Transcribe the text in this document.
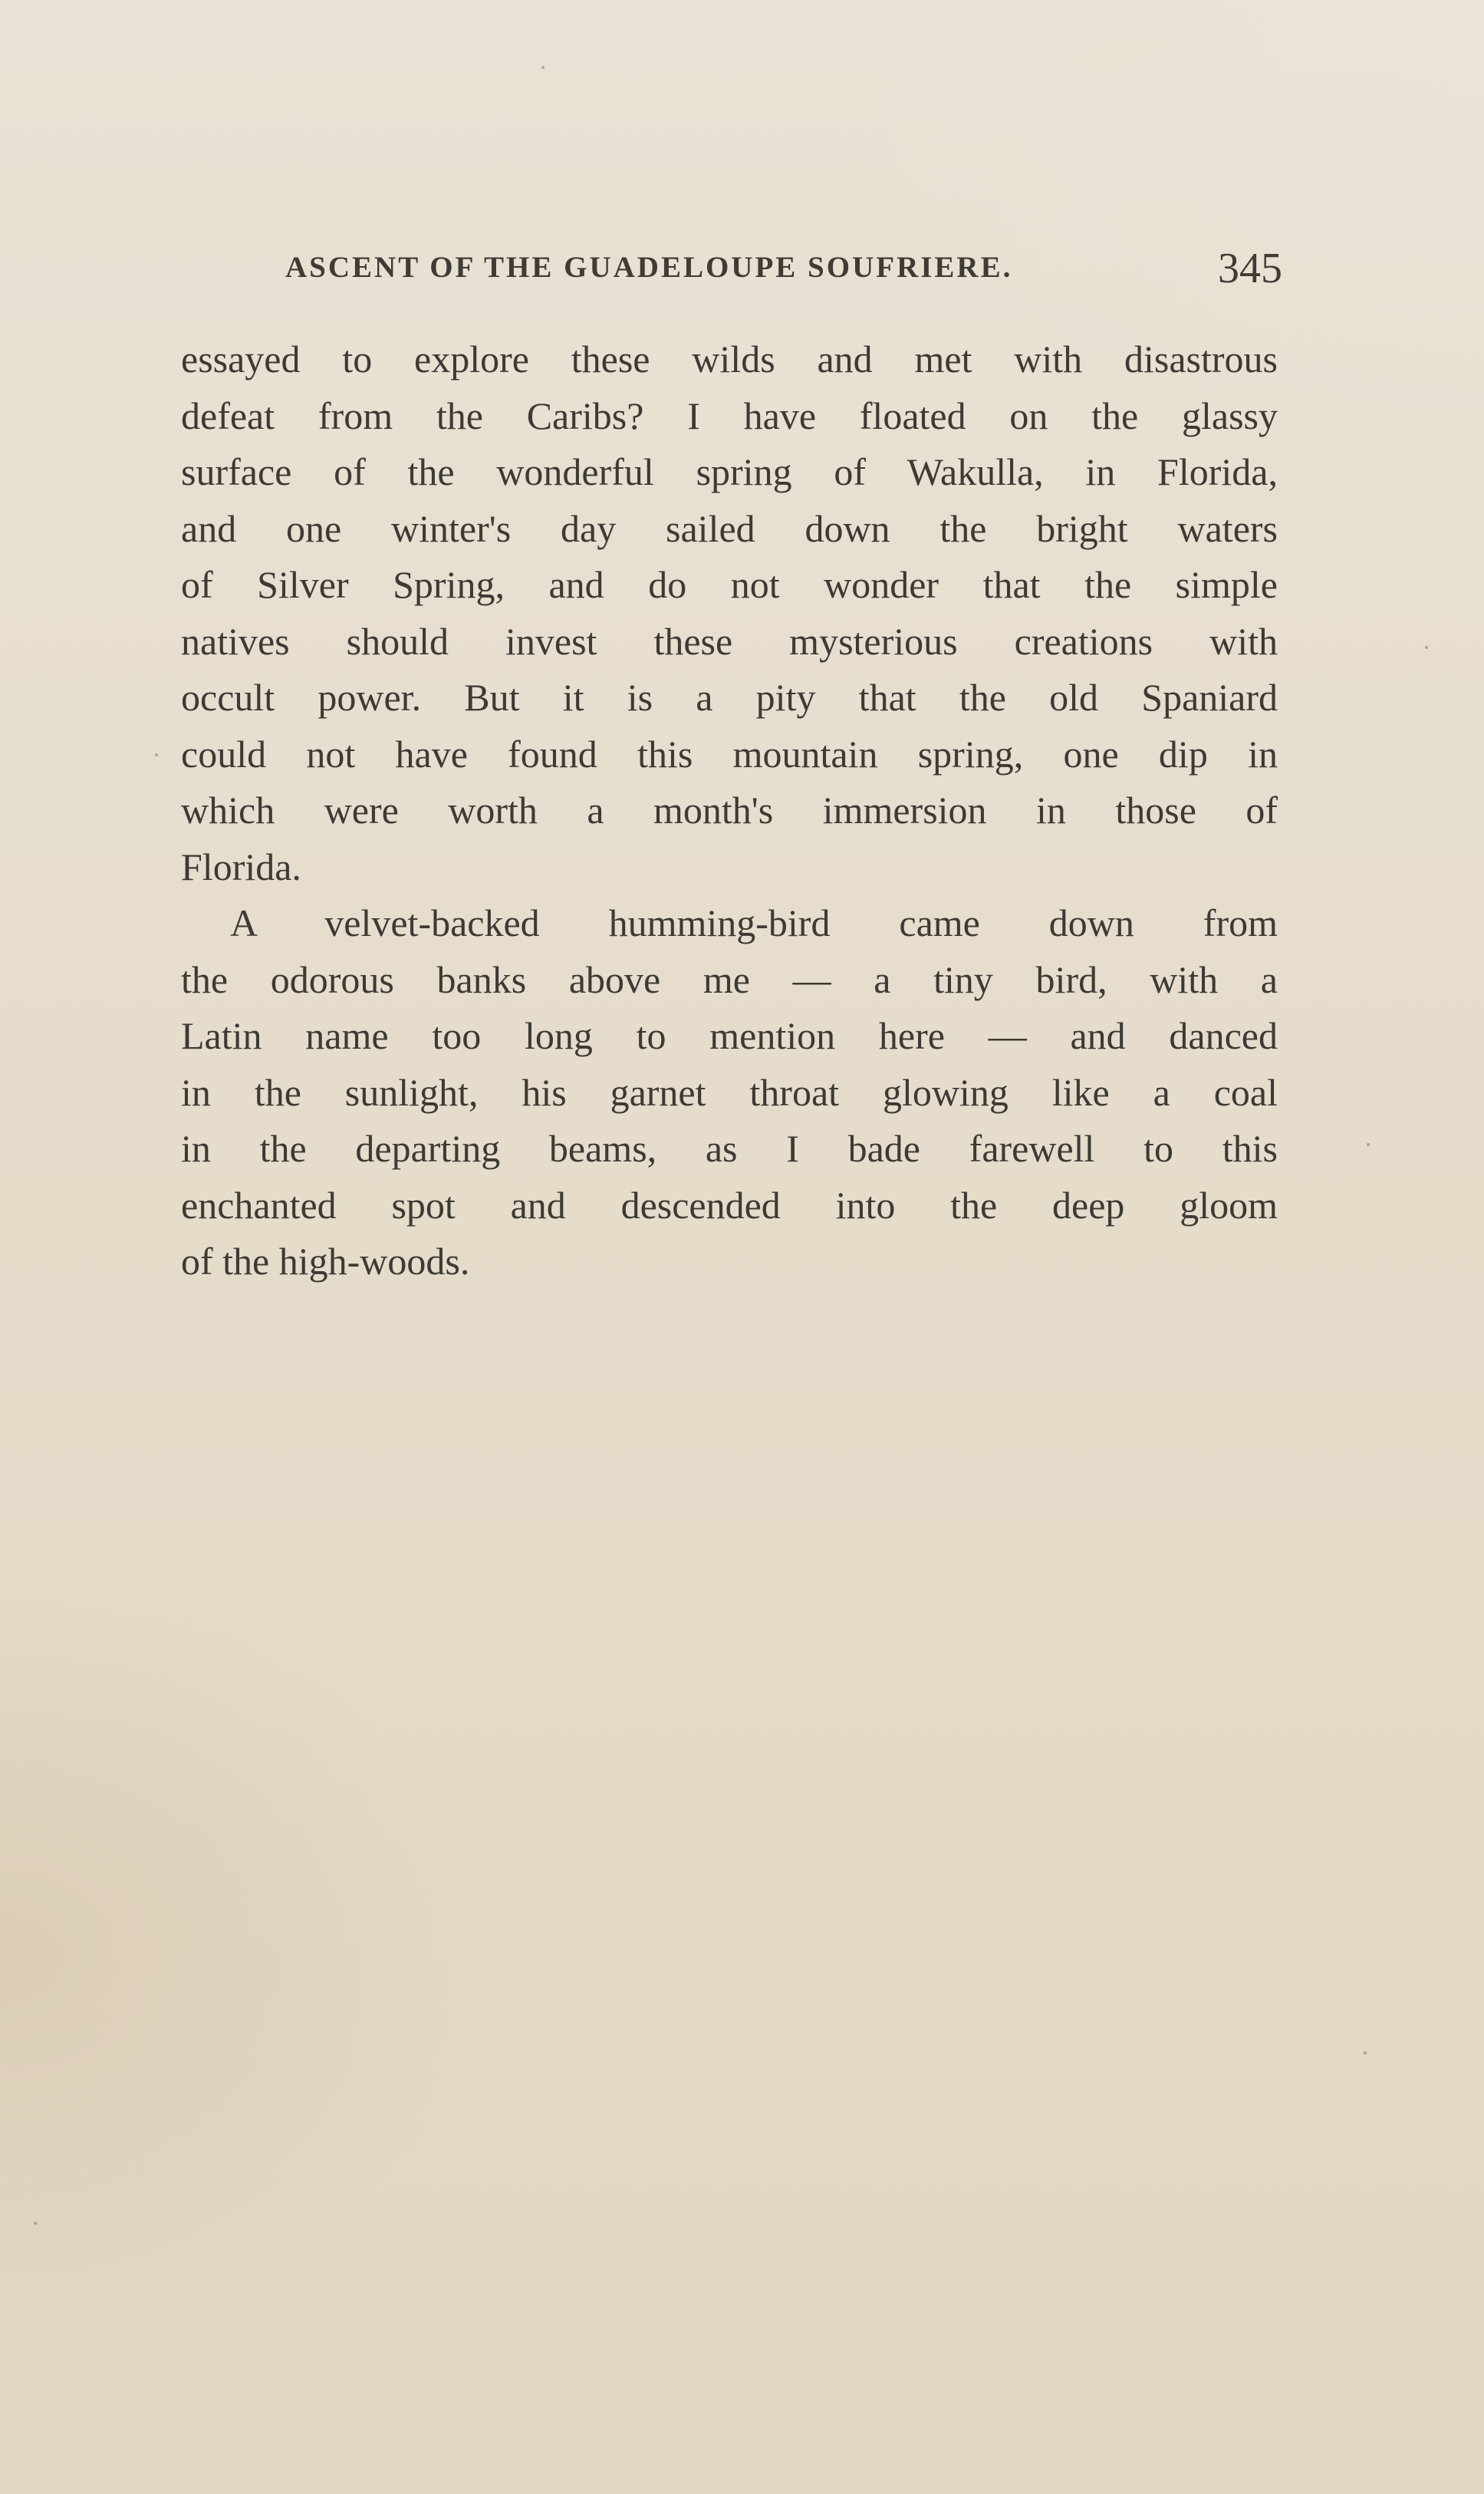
ASCENT OF THE GUADELOUPE SOUFRIERE.	345
essayed to explore these wilds and met with disastrous
defeat from the Caribs? I have floated on the glassy
surface of the wonderful spring of Wakulla, in Florida,
and one winter's day sailed down the bright waters
of Silver Spring, and do not wonder that the simple
natives should invest these mysterious creations with
occult power. But it is a pity that the old Spaniard
could not have found this mountain spring, one dip in
which were worth a month's immersion in those of
Florida.
A velvet-backed humming-bird came down from
the odorous banks above me — a tiny bird, with a
Latin name too long to mention here — and danced
in the sunlight, his garnet throat glowing like a coal
in the departing beams, as I bade farewell to this
enchanted spot and descended into the deep gloom
of the high-woods.
